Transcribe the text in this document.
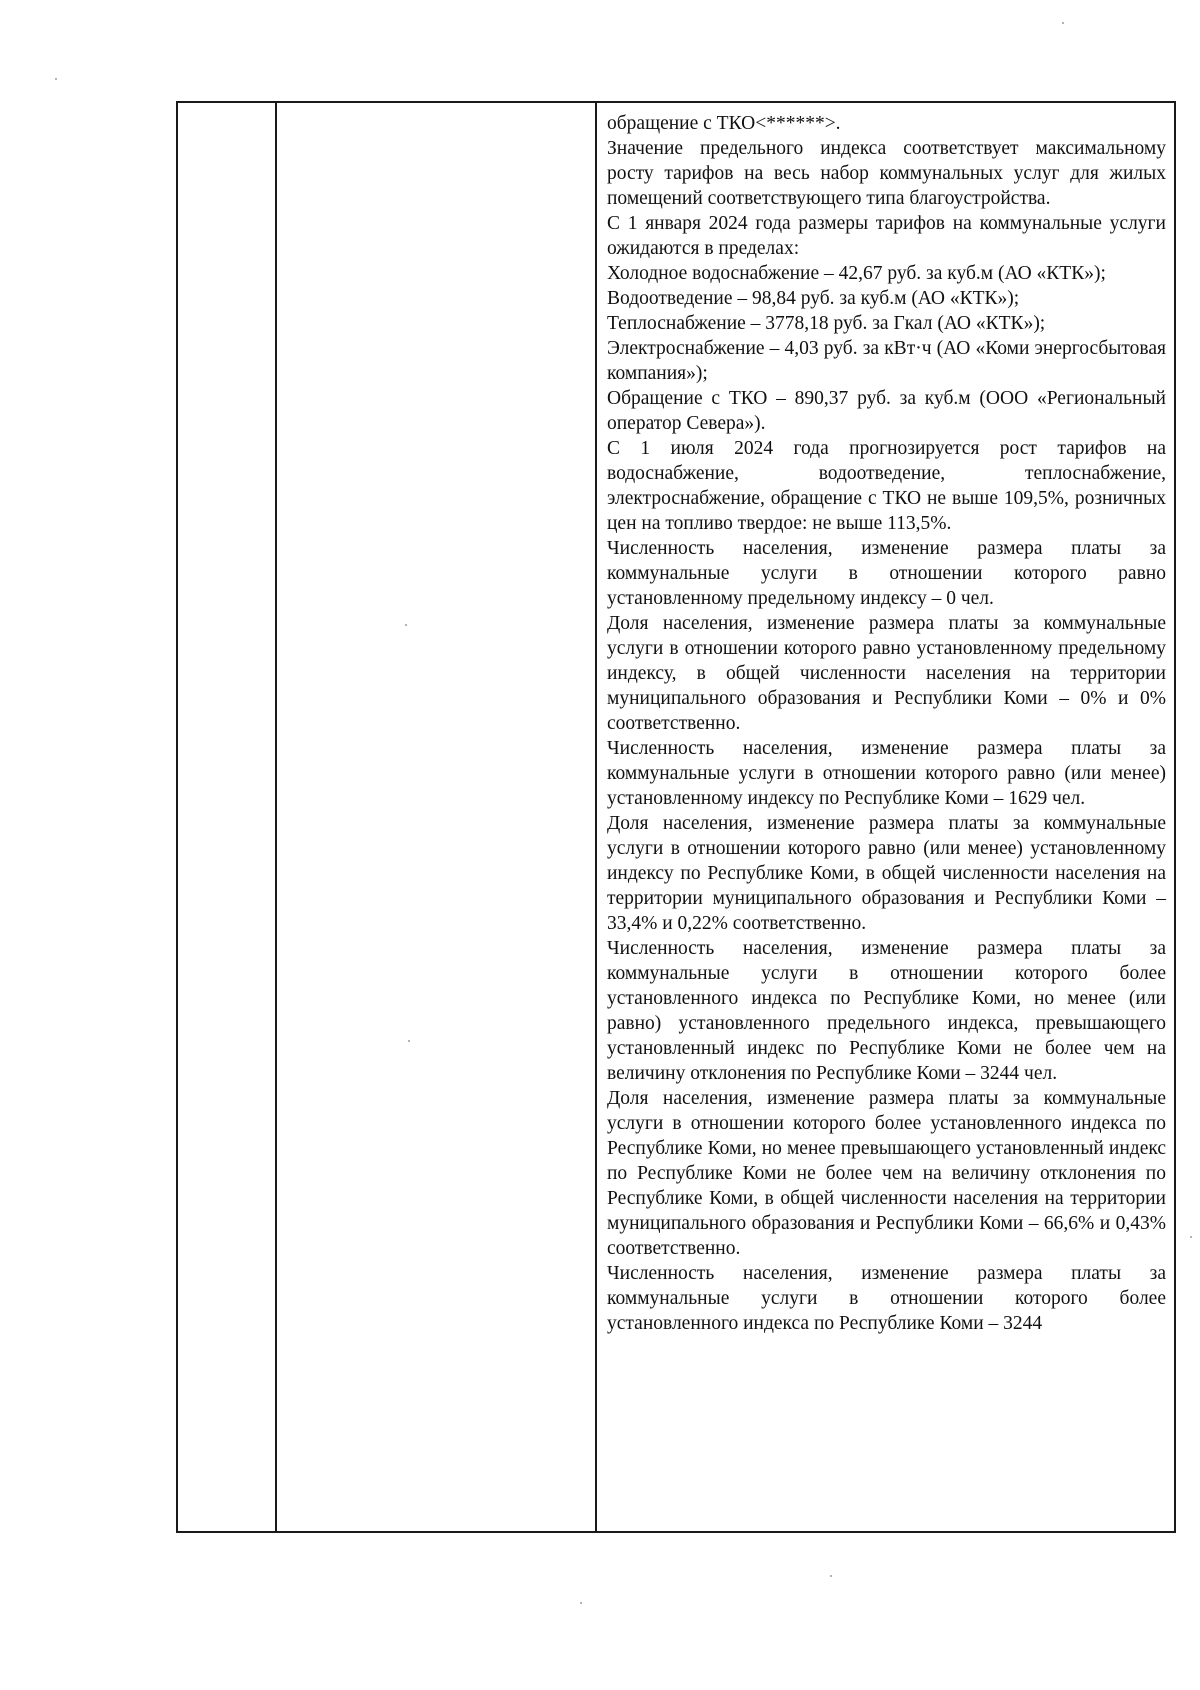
обращение с ТКО<******>.

Значение предельного индекса соответствует максимальному росту тарифов на весь набор коммунальных услуг для жилых помещений соответствующего типа благоустройства.

С 1 января 2024 года размеры тарифов на коммунальные услуги ожидаются в пределах:

Холодное водоснабжение – 42,67 руб. за куб.м (АО «КТК»);

Водоотведение – 98,84 руб. за куб.м (АО «КТК»);

Теплоснабжение – 3778,18 руб. за Гкал (АО «КТК»);

Электроснабжение – 4,03 руб. за кВт·ч (АО «Коми энергосбытовая компания»);

Обращение с ТКО – 890,37 руб. за куб.м (ООО «Региональный оператор Севера»).

С 1 июля 2024 года прогнозируется рост тарифов на водоснабжение, водоотведение, теплоснабжение, электроснабжение, обращение с ТКО не выше 109,5%, розничных цен на топливо твердое: не выше 113,5%.

Численность населения, изменение размера платы за коммунальные услуги в отношении которого равно установленному предельному индексу – 0 чел.

Доля населения, изменение размера платы за коммунальные услуги в отношении которого равно установленному предельному индексу, в общей численности населения на территории муниципального образования и Республики Коми – 0% и 0% соответственно.

Численность населения, изменение размера платы за коммунальные услуги в отношении которого равно (или менее) установленному индексу по Республике Коми – 1629 чел.

Доля населения, изменение размера платы за коммунальные услуги в отношении которого равно (или менее) установленному индексу по Республике Коми, в общей численности населения на территории муниципального образования и Республики Коми – 33,4% и 0,22% соответственно.

Численность населения, изменение размера платы за коммунальные услуги в отношении которого более установленного индекса по Республике Коми, но менее (или равно) установленного предельного индекса, превышающего установленный индекс по Республике Коми не более чем на величину отклонения по Республике Коми – 3244 чел.

Доля населения, изменение размера платы за коммунальные услуги в отношении которого более установленного индекса по Республике Коми, но менее превышающего установленный индекс по Республике Коми не более чем на величину отклонения по Республике Коми, в общей численности населения на территории муниципального образования и Республики Коми – 66,6% и 0,43% соответственно.

Численность населения, изменение размера платы за коммунальные услуги в отношении которого более установленного индекса по Республике Коми – 3244
